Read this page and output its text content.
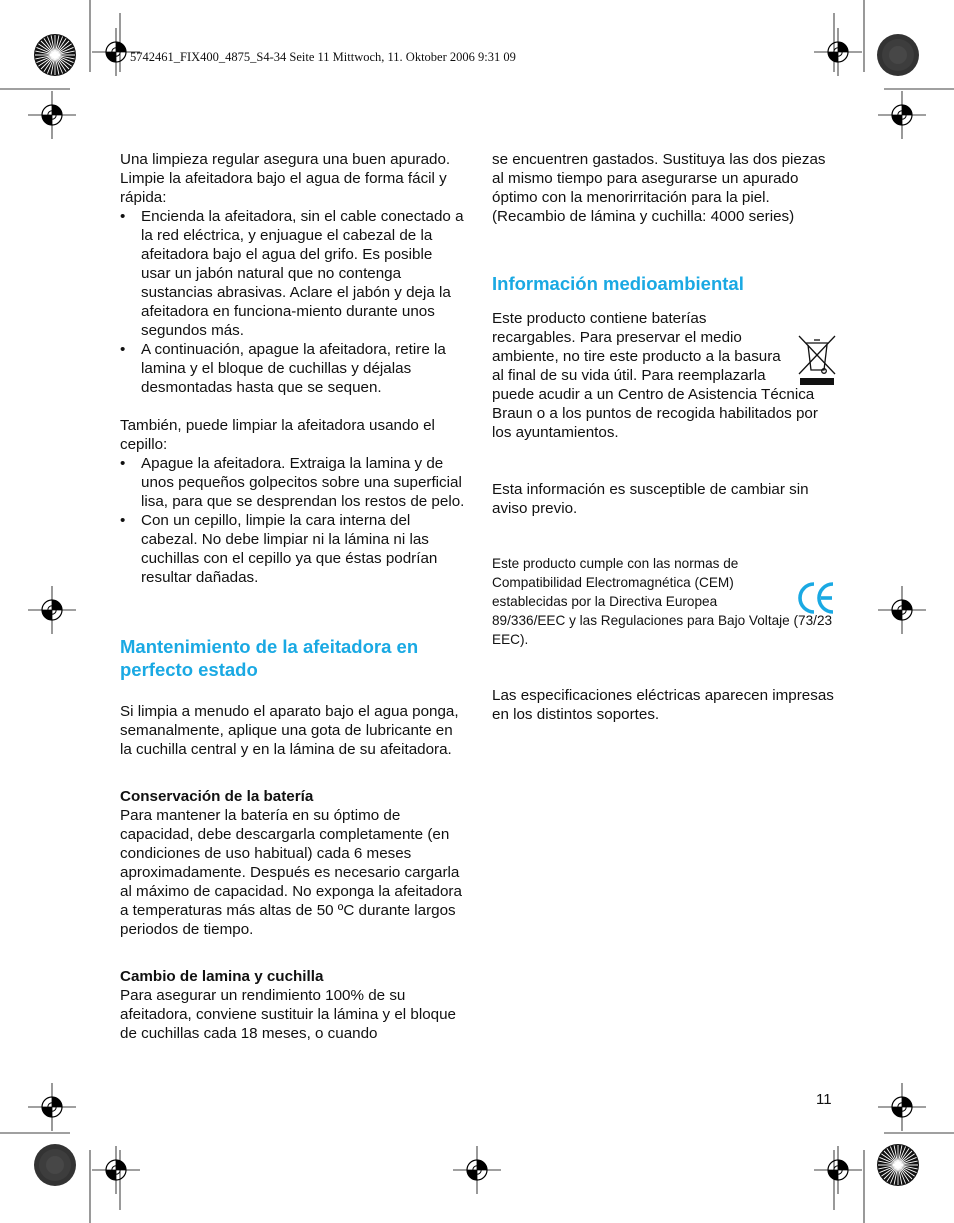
5742461_FIX400_4875_S4-34 Seite 11 Mittwoch, 11. Oktober 2006 9:31 09

Una limpieza regular asegura una buen apurado. Limpie la afeitadora bajo el agua de forma fácil y rápida:

• Encienda la afeitadora, sin el cable conectado a la red eléctrica, y enjuague el cabezal de la afeitadora bajo el agua del grifo. Es posible usar un jabón natural que no contenga sustancias abrasivas. Aclare el jabón y deja la afeitadora en funciona-miento durante unos segundos más.
• A continuación, apague la afeitadora, retire la lamina y el bloque de cuchillas y déjalas desmontadas hasta que se sequen.

También, puede limpiar la afeitadora usando el cepillo:

• Apague la afeitadora. Extraiga la lamina y de unos pequeños golpecitos sobre una superficial lisa, para que se desprendan los restos de pelo.
• Con un cepillo, limpie la cara interna del cabezal. No debe limpiar ni la lámina ni las cuchillas con el cepillo ya que éstas podrían resultar dañadas.
Mantenimiento de la afeitadora en perfecto estado

Si limpia a menudo el aparato bajo el agua ponga, semanalmente, aplique una gota de lubricante en la cuchilla central y en la lámina de su afeitadora.

Conservación de la batería

Para mantener la batería en su óptimo de capacidad, debe descargarla completamente (en condiciones de uso habitual) cada 6 meses aproximadamente. Después es necesario cargarla al máximo de capacidad. No exponga la afeitadora a temperaturas más altas de 50 ºC durante largos periodos de tiempo.

Cambio de lamina y cuchilla

Para asegurar un rendimiento 100% de su afeitadora, conviene sustituir la lámina y el bloque de cuchillas cada 18 meses, o cuando

se encuentren gastados. Sustituya las dos piezas al mismo tiempo para asegurarse un apurado óptimo con la menorirritación para la piel.

(Recambio de lámina y cuchilla: 4000 series)

Información medioambiental

Este producto contiene baterías recargables. Para preservar el medio ambiente, no tire este producto a la basura al final de su vida útil. Para reemplazarla puede acudir a un Centro de Asistencia Técnica Braun o a los puntos de recogida habilitados por los ayuntamientos.

Esta información es susceptible de cambiar sin aviso previo.

Este producto cumple con las normas de Compatibilidad Electromagnética (CEM) establecidas por la Directiva Europea 89/336/EEC y las Regulaciones para Bajo Voltaje (73/23 EEC).

Las especificaciones eléctricas aparecen impresas en los distintos soportes.

11
